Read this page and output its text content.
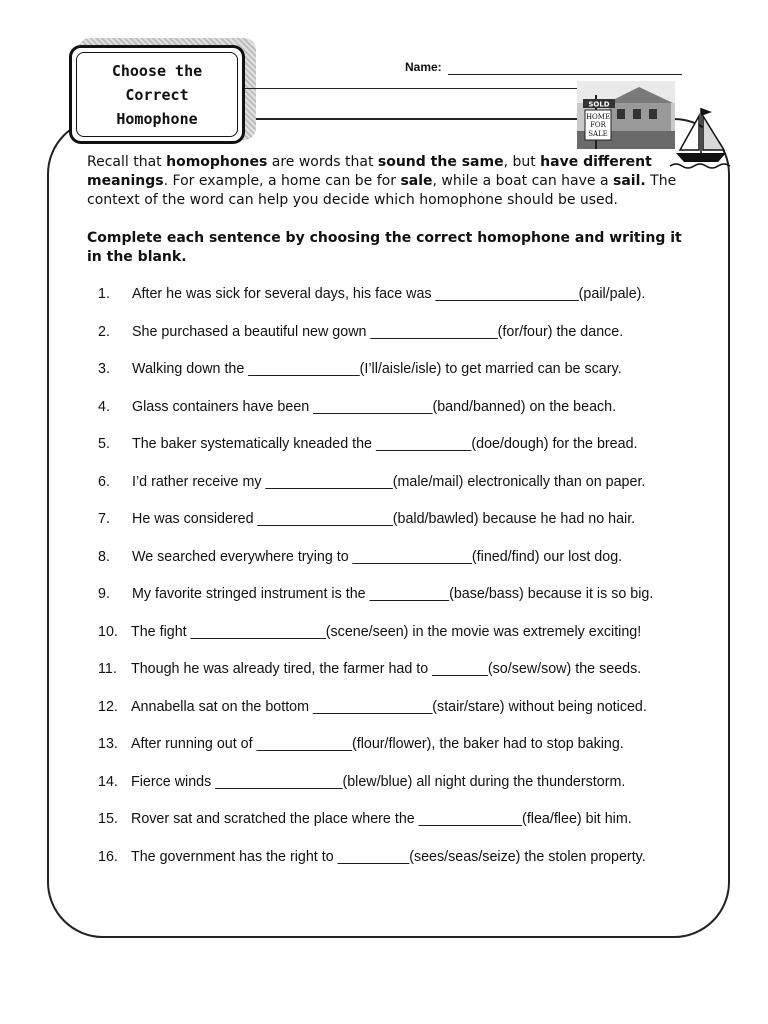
Choose the
Correct
Homophone
Name:
SOLD
HOME
FOR
SALE
Recall that homophones are words that sound the same, but have different meanings. For example, a home can be for sale, while a boat can have a sail. The context of the word can help you decide which homophone should be used.
Complete each sentence by choosing the correct homophone and writing it in the blank.
1.	After he was sick for several days, his face was __________________(pail/pale).
2.	She purchased a beautiful new gown ________________(for/four) the dance.
3.	Walking down the ______________(I’ll/aisle/isle) to get married can be scary.
4.	Glass containers have been _______________(band/banned) on the beach.
5.	The baker systematically kneaded the ____________(doe/dough) for the bread.
6.	I’d rather receive my ________________(male/mail) electronically than on paper.
7.	He was considered _________________(bald/bawled) because he had no hair.
8.	We searched everywhere trying to _______________(fined/find) our lost dog.
9.	My favorite stringed instrument is the __________(base/bass) because it is so big.
10. The fight _________________(scene/seen) in the movie was extremely exciting!
11. Though he was already tired, the farmer had to _______(so/sew/sow) the seeds.
12. Annabella sat on the bottom _______________(stair/stare) without being noticed.
13. After running out of ____________(flour/flower), the baker had to stop baking.
14. Fierce winds ________________(blew/blue) all night during the thunderstorm.
15. Rover sat and scratched the place where the _____________(flea/flee) bit him.
16. The government has the right to _________(sees/seas/seize) the stolen property.
